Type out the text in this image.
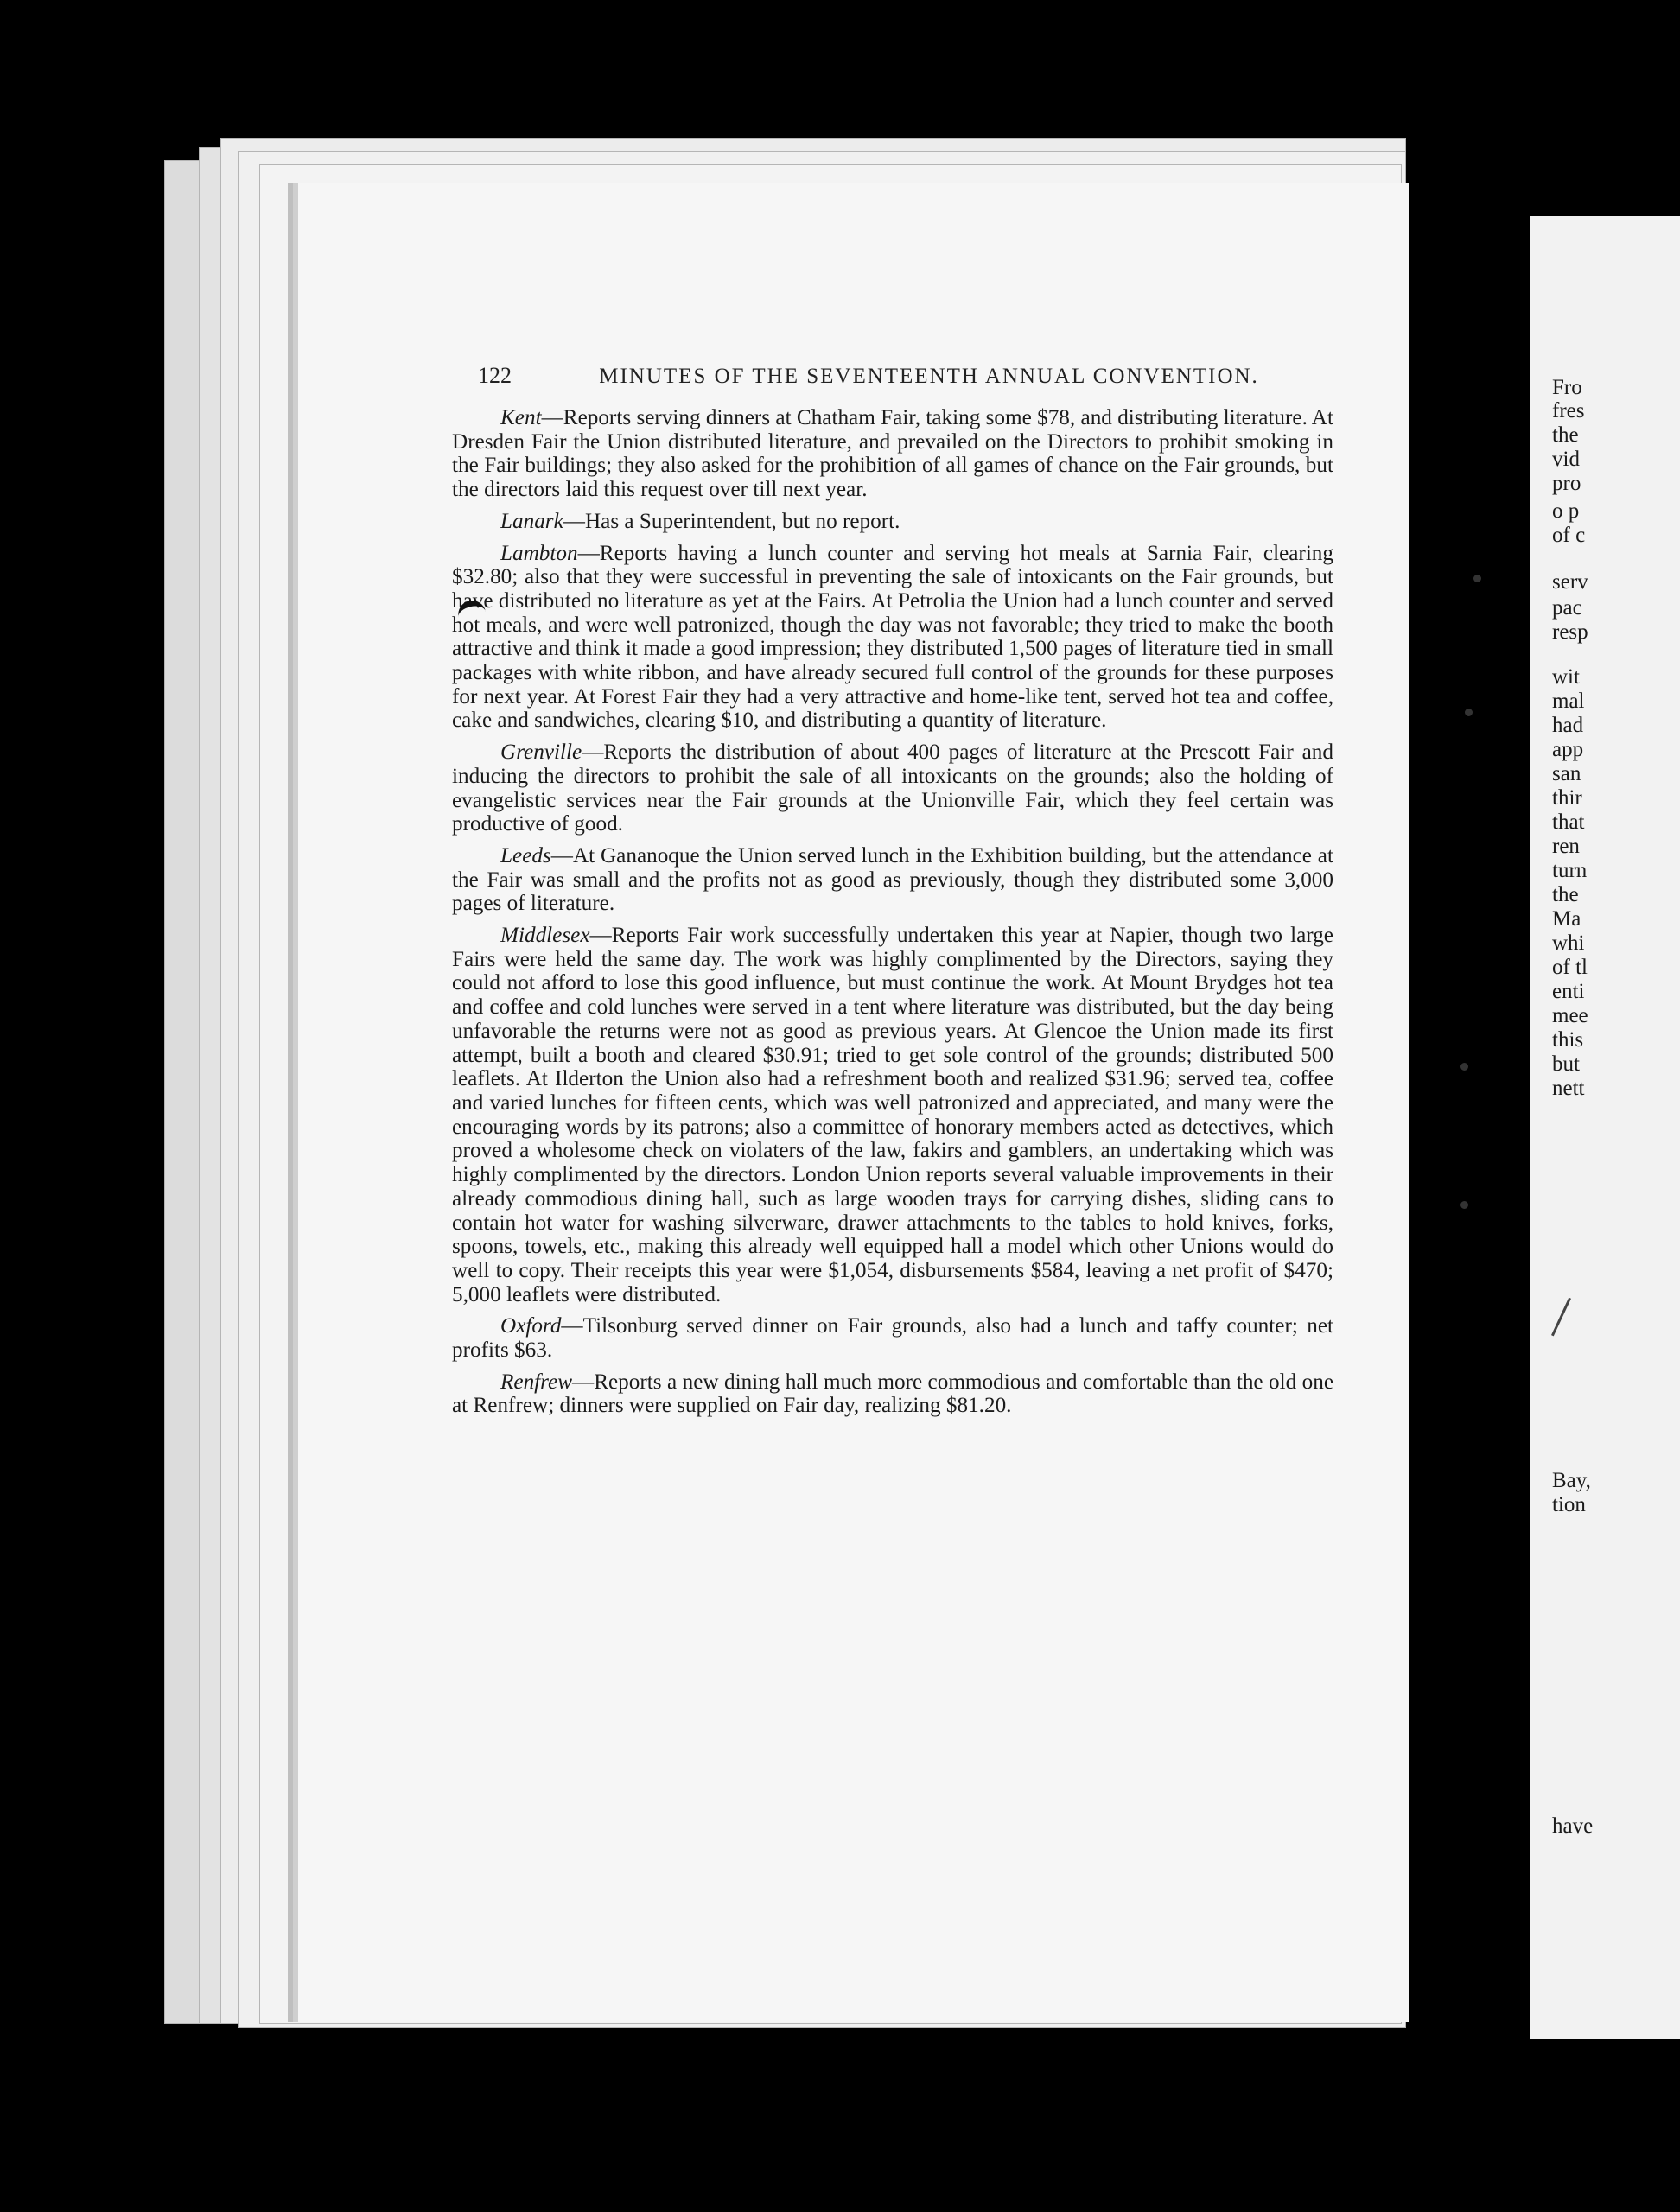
122	MINUTES OF THE SEVENTEENTH ANNUAL CONVENTION.

Kent—Reports serving dinners at Chatham Fair, taking some $78, and distributing literature. At Dresden Fair the Union distributed literature, and prevailed on the Directors to prohibit smoking in the Fair buildings; they also asked for the prohibition of all games of chance on the Fair grounds, but the directors laid this request over till next year.

Lanark—Has a Superintendent, but no report.

Lambton—Reports having a lunch counter and serving hot meals at Sarnia Fair, clearing $32.80; also that they were successful in preventing the sale of intoxicants on the Fair grounds, but have distributed no literature as yet at the Fairs. At Petrolia the Union had a lunch counter and served hot meals, and were well patronized, though the day was not favorable; they tried to make the booth attractive and think it made a good impression; they distributed 1,500 pages of literature tied in small packages with white ribbon, and have already secured full control of the grounds for these purposes for next year. At Forest Fair they had a very attractive and home-like tent, served hot tea and coffee, cake and sandwiches, clearing $10, and distributing a quantity of literature.

Grenville—Reports the distribution of about 400 pages of literature at the Prescott Fair and inducing the directors to prohibit the sale of all intoxicants on the grounds; also the holding of evangelistic services near the Fair grounds at the Unionville Fair, which they feel certain was productive of good.

Leeds—At Gananoque the Union served lunch in the Exhibition building, but the attendance at the Fair was small and the profits not as good as previously, though they distributed some 3,000 pages of literature.

Middlesex—Reports Fair work successfully undertaken this year at Napier, though two large Fairs were held the same day. The work was highly complimented by the Directors, saying they could not afford to lose this good influence, but must continue the work. At Mount Brydges hot tea and coffee and cold lunches were served in a tent where literature was distributed, but the day being unfavorable the returns were not as good as previous years. At Glencoe the Union made its first attempt, built a booth and cleared $30.91; tried to get sole control of the grounds; distributed 500 leaflets. At Ilderton the Union also had a refreshment booth and realized $31.96; served tea, coffee and varied lunches for fifteen cents, which was well patronized and appreciated, and many were the encouraging words by its patrons; also a committee of honorary members acted as detectives, which proved a wholesome check on violaters of the law, fakirs and gamblers, an undertaking which was highly complimented by the directors. London Union reports several valuable improvements in their already commodious dining hall, such as large wooden trays for carrying dishes, sliding cans to contain hot water for washing silverware, drawer attachments to the tables to hold knives, forks, spoons, towels, etc., making this already well equipped hall a model which other Unions would do well to copy. Their receipts this year were $1,054, disbursements $584, leaving a net profit of $470; 5,000 leaflets were distributed.

Oxford—Tilsonburg served dinner on Fair grounds, also had a lunch and taffy counter; net profits $63.

Renfrew—Reports a new dining hall much more commodious and comfortable than the old one at Renfrew; dinners were supplied on Fair day, realizing $81.20.

Fro
fres
the
vid
pro
o p
of c
serv
pac
resp
wit
mal
had
app
san
thir
that
ren
turn
the
Ma
whi
of tl
enti
mee
this
but
nett
Bay,
tion
have
